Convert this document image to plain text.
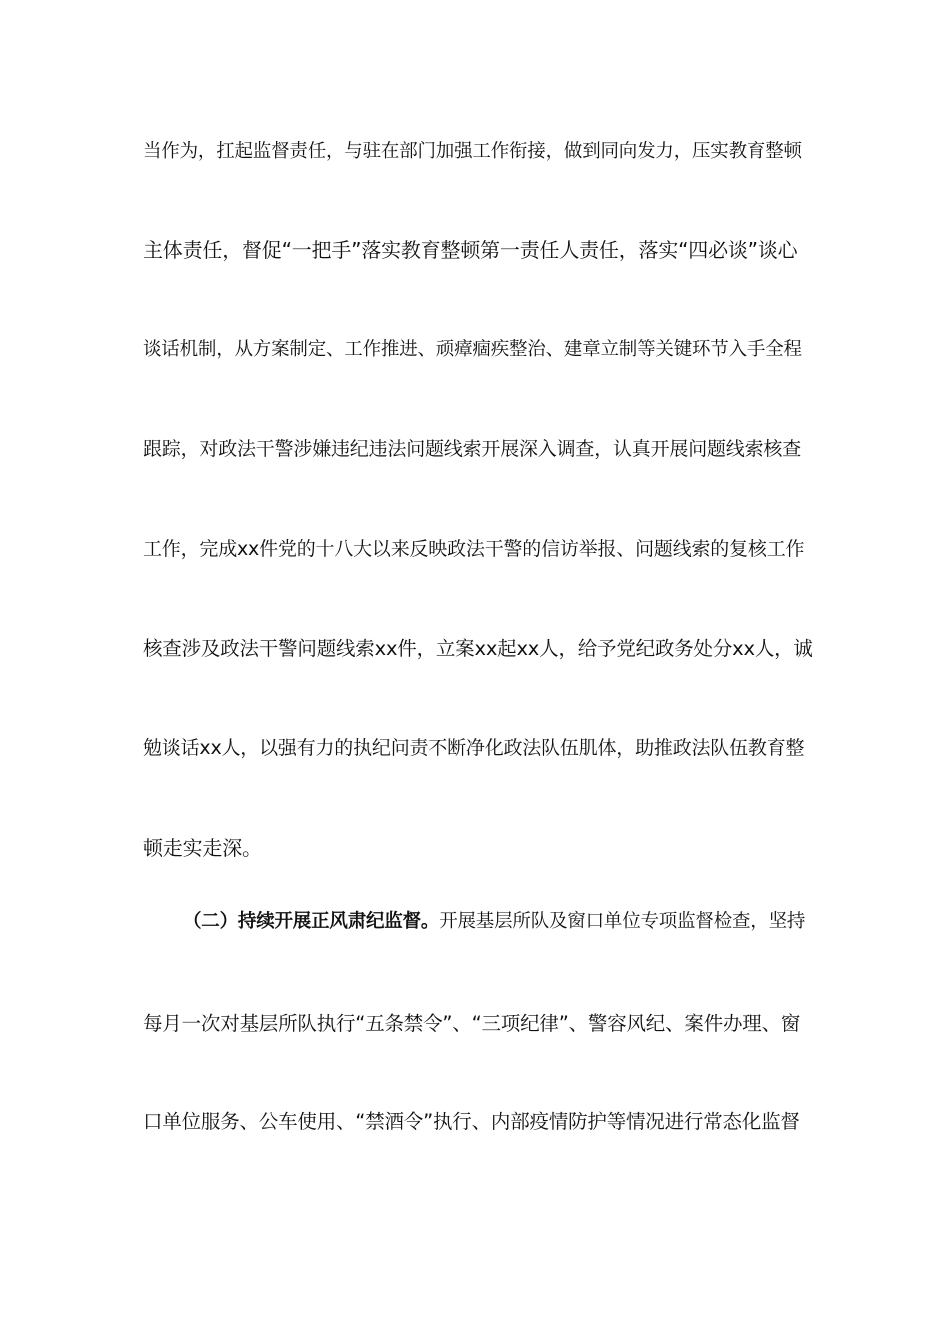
当作为，扛起监督责任，与驻在部门加强工作衔接，做到同向发力，压实教育整顿
主体责任，督促“一把手”落实教育整顿第一责任人责任，落实“四必谈”谈心
谈话机制，从方案制定、工作推进、顽瘴痼疾整治、建章立制等关键环节入手全程
跟踪，对政法干警涉嫌违纪违法问题线索开展深入调查，认真开展问题线索核查
工作，完成xx件党的十八大以来反映政法干警的信访举报、问题线索的复核工作
核查涉及政法干警问题线索xx件，立案xx起xx人，给予党纪政务处分xx人，诚
勉谈话xx人，以强有力的执纪问责不断净化政法队伍肌体，助推政法队伍教育整
顿走实走深。
（二）持续开展正风肃纪监督。开展基层所队及窗口单位专项监督检查，坚持
每月一次对基层所队执行“五条禁令”、“三项纪律”、警容风纪、案件办理、窗
口单位服务、公车使用、“禁酒令”执行、内部疫情防护等情况进行常态化监督
